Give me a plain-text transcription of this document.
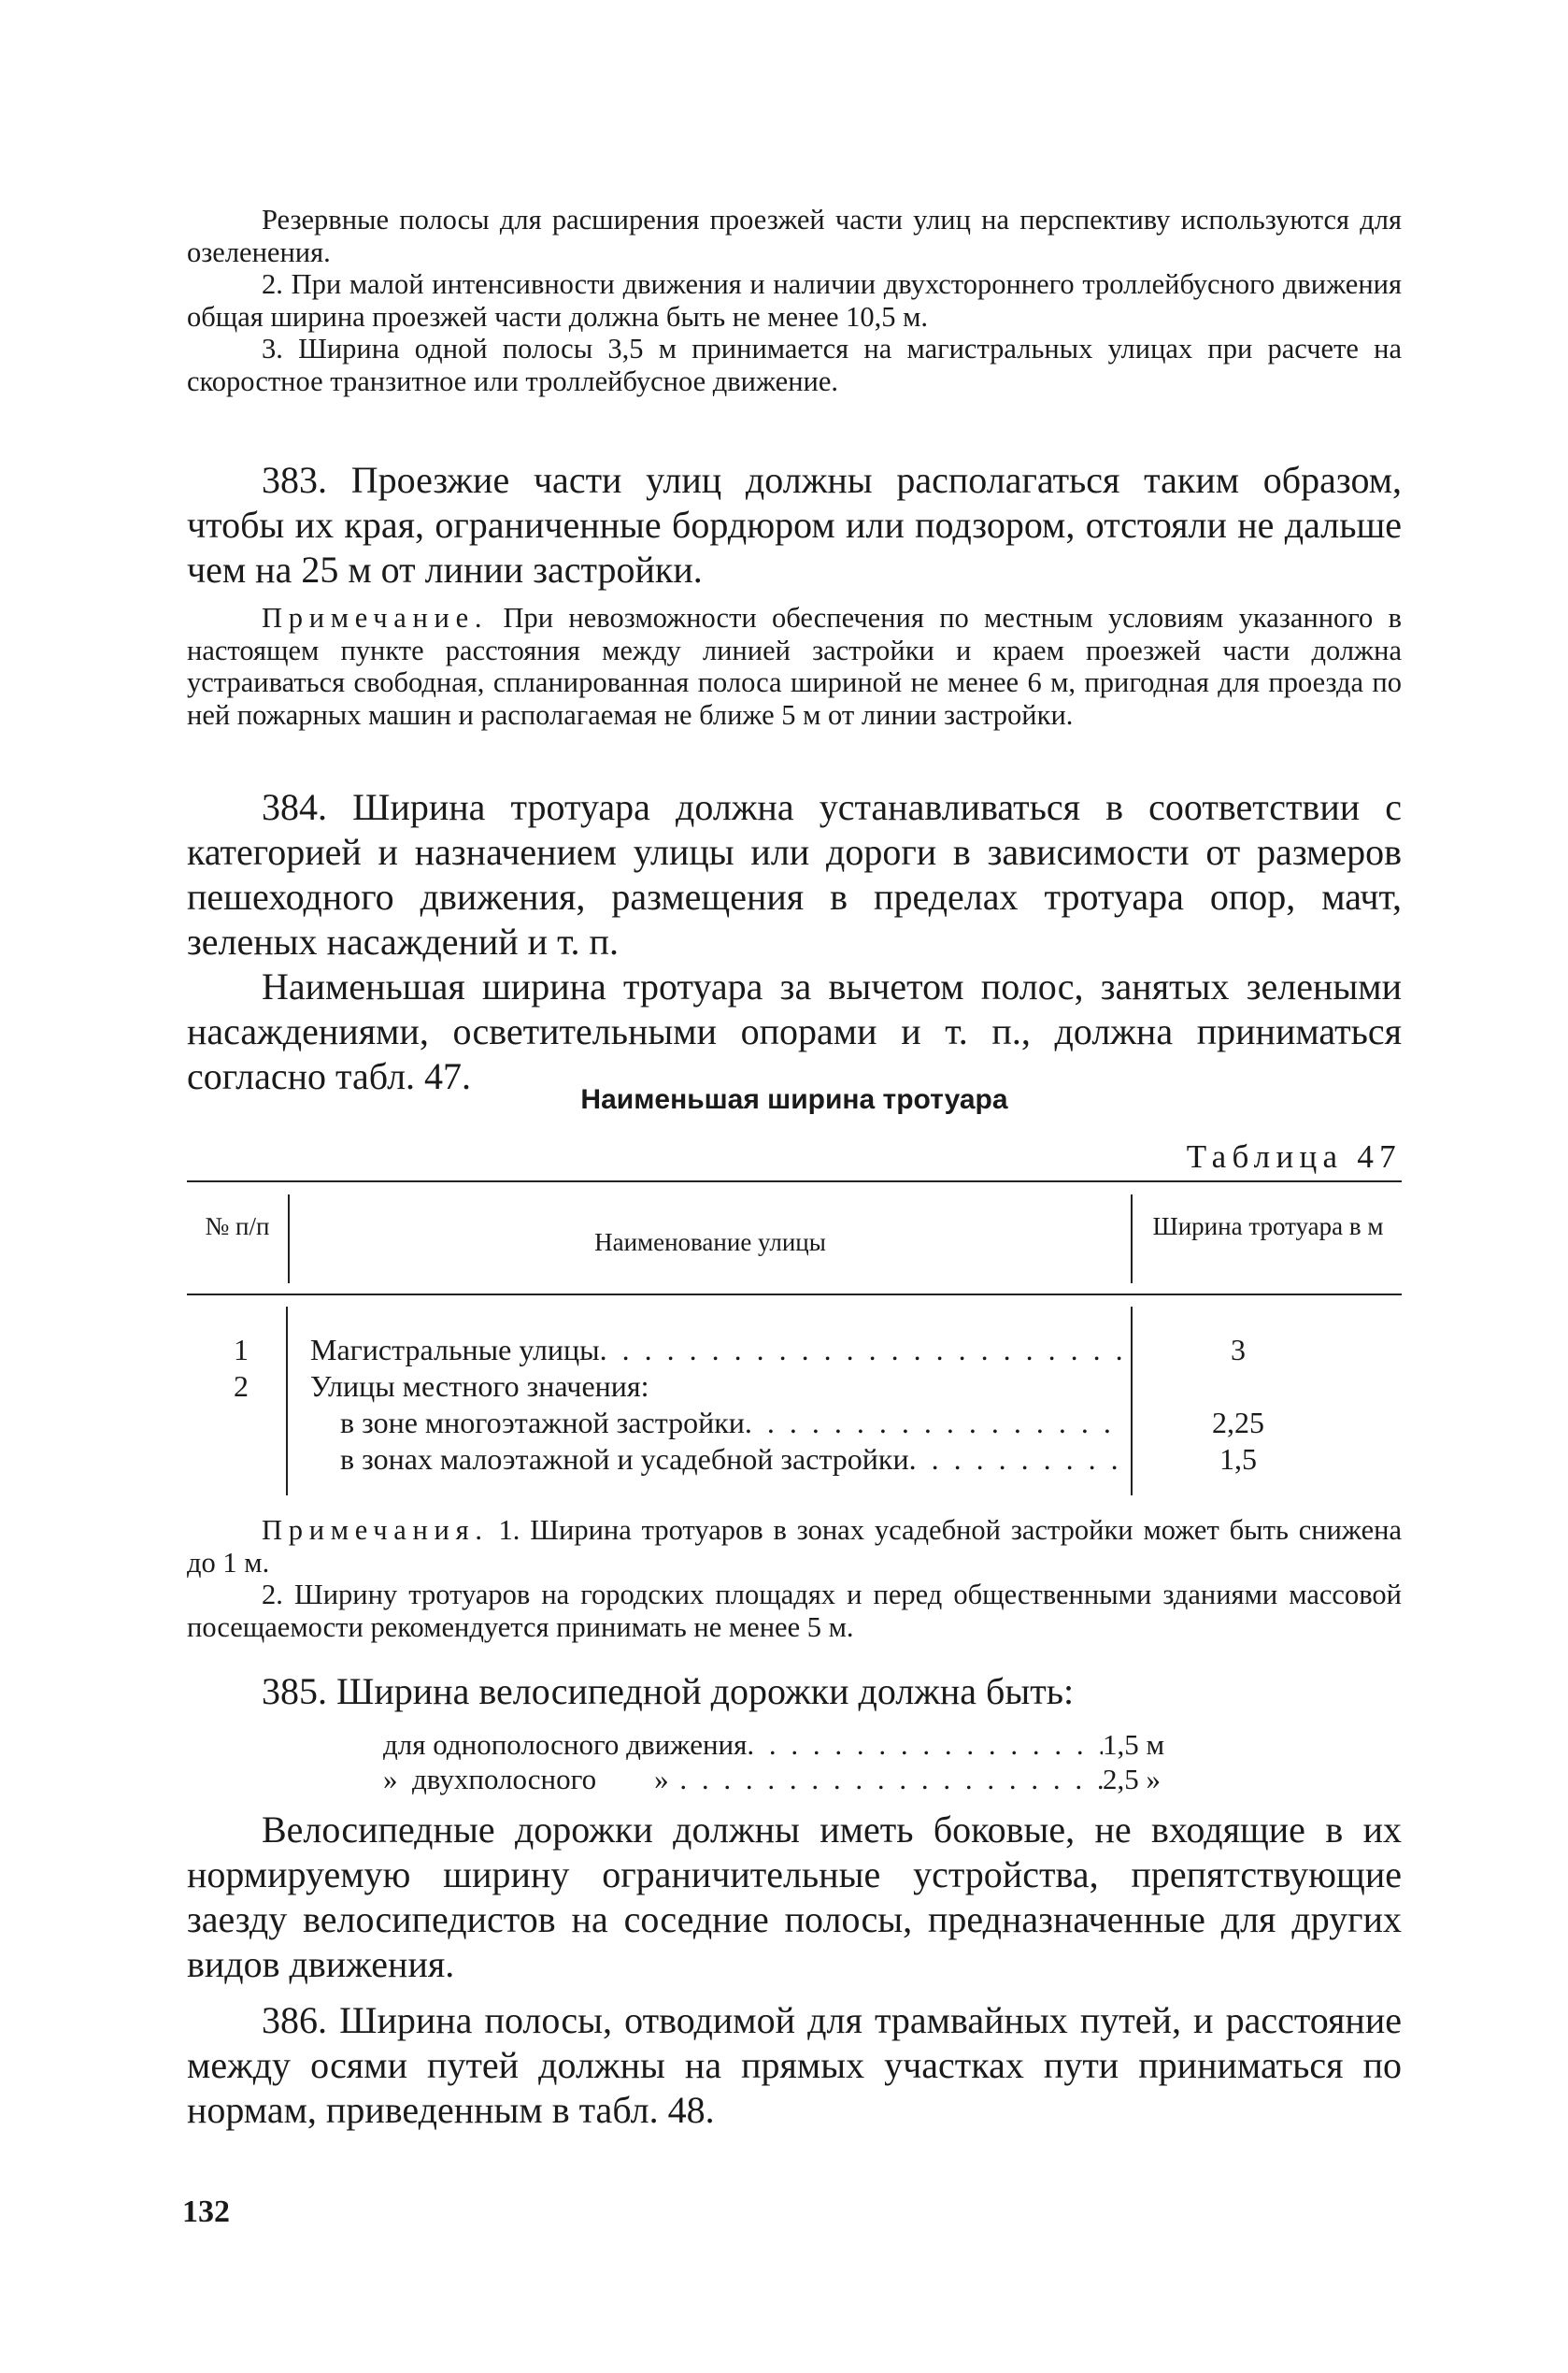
Резервные полосы для расширения проезжей части улиц на перспективу используются для озеленения.

2. При малой интенсивности движения и наличии двухстороннего троллейбусного движения общая ширина проезжей части должна быть не менее 10,5 м.

3. Ширина одной полосы 3,5 м принимается на магистральных улицах при расчете на скоростное транзитное или троллейбусное движение.

383. Проезжие части улиц должны располагаться таким образом, чтобы их края, ограниченные бордюром или подзором, отстояли не дальше чем на 25 м от линии застройки.

Примечание. При невозможности обеспечения по местным условиям указанного в настоящем пункте расстояния между линией застройки и краем проезжей части должна устраиваться свободная, спланированная полоса шириной не менее 6 м, пригодная для проезда по ней пожарных машин и располагаемая не ближе 5 м от линии застройки.

384. Ширина тротуара должна устанавливаться в соответствии с категорией и назначением улицы или дороги в зависимости от размеров пешеходного движения, размещения в пределах тротуара опор, мачт, зеленых насаждений и т. п.

Наименьшая ширина тротуара за вычетом полос, занятых зелеными насаждениями, осветительными опорами и т. п., должна приниматься согласно табл. 47.

Наименьшая ширина тротуара
Таблица 47
№ п/п
Наименование улицы
Ширина тротуара в м
1
2
Магистральные улицы
. . .
Улицы местного значения:
в зоне многоэтажной застройки
. . .
в зонах малоэтажной и усадебной застройки
. . .
3
2,25
1,5

Примечания. 1. Ширина тротуаров в зонах усадебной застройки может быть снижена до 1 м.

2. Ширину тротуаров на городских площадях и перед общественными зданиями массовой посещаемости рекомендуется принимать не менее 5 м.

385. Ширина велосипедной дорожки должна быть:

для однополосного движения . . .	1,5 м
»  двухполосного        » . . .	2,5 »

Велосипедные дорожки должны иметь боковые, не входящие в их нормируемую ширину ограничительные устройства, препятствующие заезду велосипедистов на соседние полосы, предназначенные для других видов движения.

386. Ширина полосы, отводимой для трамвайных путей, и расстояние между осями путей должны на прямых участках пути приниматься по нормам, приведенным в табл. 48.

132
